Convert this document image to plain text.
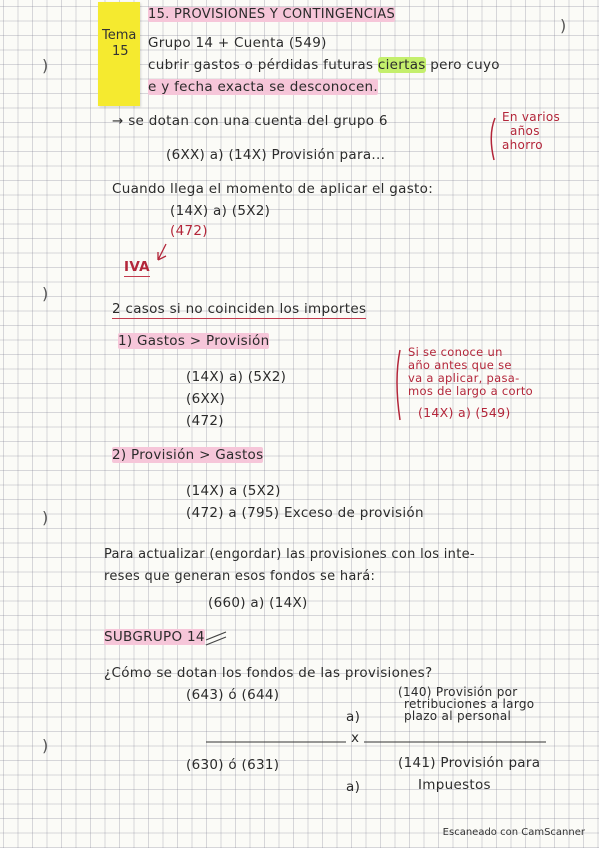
Tema
15
)
)
)
)
)
15. PROVISIONES Y CONTINGENCIAS
Grupo 14 + Cuenta (549)
cubrir gastos o pérdidas futuras ciertas pero cuyo
e y fecha exacta se desconocen.
→ se dotan con una cuenta del grupo 6
(6XX) a) (14X) Provisión para...
En varios
años
ahorro
Cuando llega el momento de aplicar el gasto:
(14X) a) (5X2)
(472)
IVA
2 casos si no coinciden los importes
1) Gastos > Provisión
(14X) a) (5X2)
(6XX)
(472)
Si se conoce un
año antes que se
va a aplicar, pasa-
mos de largo a corto
(14X) a) (549)
2) Provisión > Gastos
(14X) a (5X2)
(472) a (795) Exceso de provisión
Para actualizar (engordar) las provisiones con los inte-
reses que generan esos fondos se hará:
(660) a) (14X)
SUBGRUPO 14
¿Cómo se dotan los fondos de las provisiones?
(643) ó (644)	(140) Provisión por
retribuciones a largo
plazo al personal
a)
x
(630) ó (631)	(141) Provisión para
a)	Impuestos
Escaneado con CamScanner
